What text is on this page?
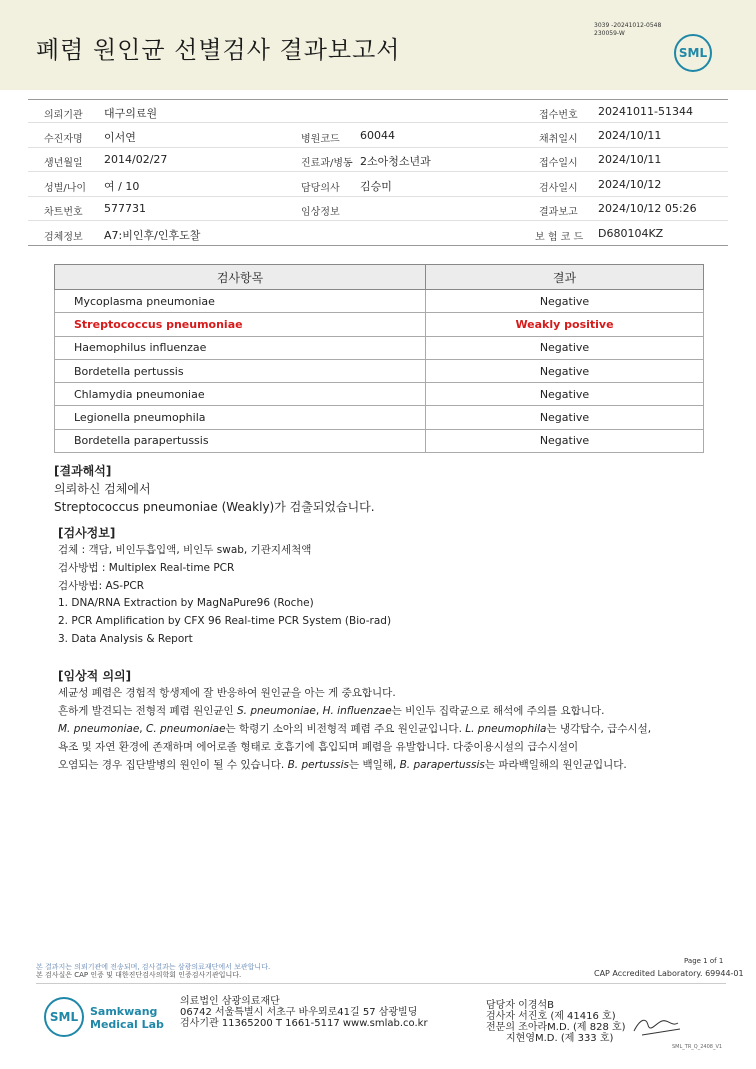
폐렴 원인균 선별검사 결과보고서
3039 -20241012-0548
230059-W
SML
의뢰기관 대구의료원	접수번호 20241011-51344
수진자명 이서연	병원코드 60044	채취일시 2024/10/11
생년월일 2014/02/27	진료과/병동 2소아청소년과	접수일시 2024/10/11
성별/나이 여 / 10	담당의사 김승미	검사일시 2024/10/12
차트번호 577731	임상정보	결과보고 2024/10/12 05:26
검체정보 A7:비인후/인후도찰	보 험 코 드 D680104KZ
검사항목	결과
Mycoplasma pneumoniae	Negative
Streptococcus pneumoniae	Weakly positive
Haemophilus influenzae	Negative
Bordetella pertussis	Negative
Chlamydia pneumoniae	Negative
Legionella pneumophila	Negative
Bordetella parapertussis	Negative
[결과해석]
의뢰하신 검체에서
Streptococcus pneumoniae (Weakly)가 검출되었습니다.
[검사정보]
검체 : 객담, 비인두흡입액, 비인두 swab, 기관지세척액
검사방법 : Multiplex Real-time PCR
검사방법: AS-PCR
1. DNA/RNA Extraction by MagNaPure96 (Roche)
2. PCR Amplification by CFX 96 Real-time PCR System (Bio-rad)
3. Data Analysis & Report
[임상적 의의]
세균성 폐렴은 경험적 항생제에 잘 반응하여 원인균을 아는 게 중요합니다.
흔하게 발견되는 전형적 폐렴 원인균인 S. pneumoniae, H. influenzae는 비인두 집락균으로 해석에 주의를 요합니다.
M. pneumoniae, C. pneumoniae는 학령기 소아의 비전형적 폐렴 주요 원인균입니다. L. pneumophila는 냉각탑수, 급수시설,
욕조 및 자연 환경에 존재하며 에어로졸 형태로 호흡기에 흡입되며 폐렴을 유발합니다. 다중이용시설의 급수시설이
오염되는 경우 집단발병의 원인이 될 수 있습니다. B. pertussis는 백일해, B. parapertussis는 파라백일해의 원인균입니다.
Page 1 of 1
본 결과지는 의뢰기관에 전송되며, 검사결과는 삼광의료재단에서 보관합니다.
본 검사실은 CAP 인증 및 대한진단검사의학회 인증검사기관입니다.	CAP Accredited Laboratory. 69944-01
SML Samkwang
Medical Lab
의료법인 삼광의료재단
06742 서울특별시 서초구 바우뫼로41길 57 삼광빌딩
검사기관 11365200 T 1661-5117 www.smlab.co.kr
담당자 이경석B
검사자 서진호 (제 41416 호)
전문의 조아라M.D. (제 828 호)
지현영M.D. (제 333 호)
SML_TR_Q_2408_V1
